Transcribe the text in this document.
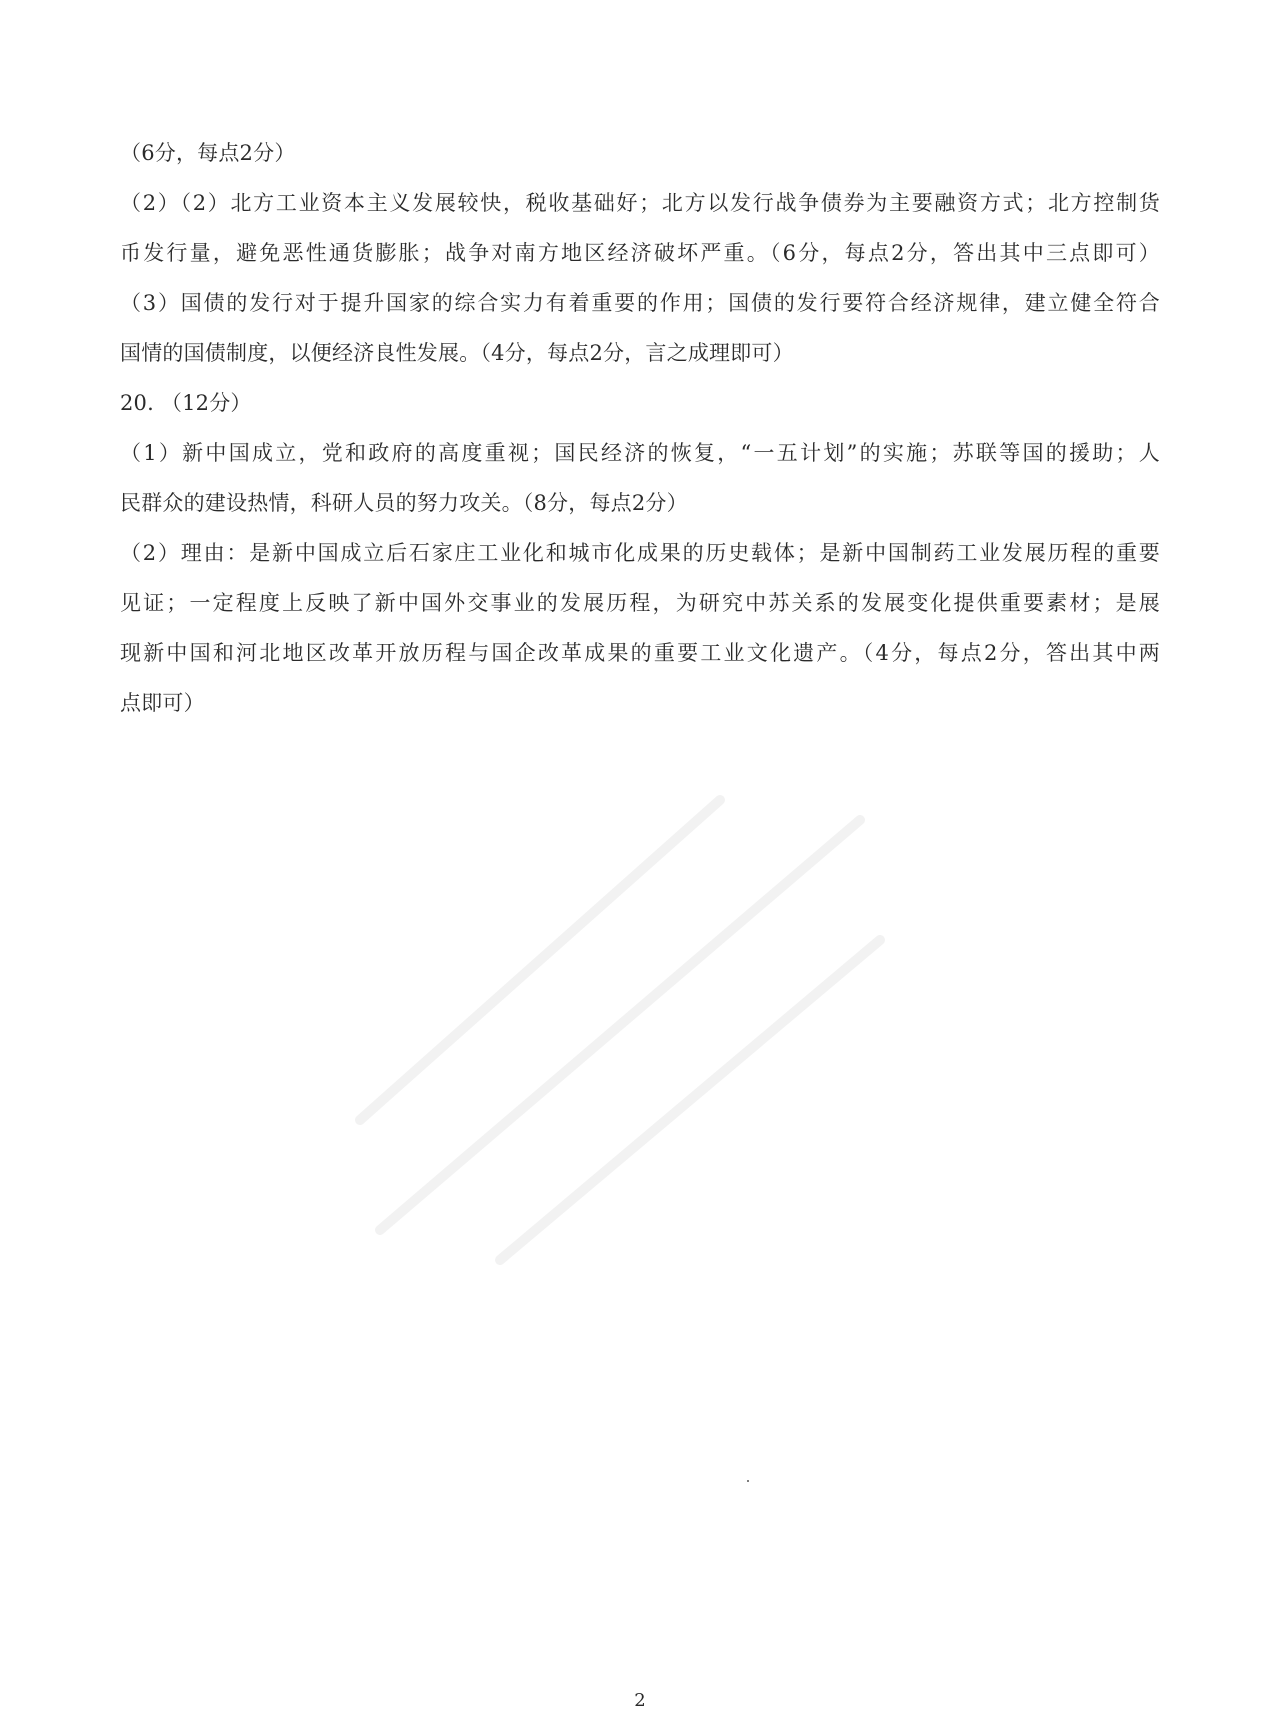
（6分，每点2分）
（2）（2）北方工业资本主义发展较快，税收基础好；北方以发行战争债券为主要融资方式；北方控制货
币发行量，避免恶性通货膨胀；战争对南方地区经济破坏严重。（6分，每点2分，答出其中三点即可）
（3）国债的发行对于提升国家的综合实力有着重要的作用；国债的发行要符合经济规律，建立健全符合
国情的国债制度，以便经济良性发展。（4分，每点2分，言之成理即可）
20. （12分）
（1）新中国成立，党和政府的高度重视；国民经济的恢复，“一五计划”的实施；苏联等国的援助；人
民群众的建设热情，科研人员的努力攻关。（8分，每点2分）
（2）理由：是新中国成立后石家庄工业化和城市化成果的历史载体；是新中国制药工业发展历程的重要
见证；一定程度上反映了新中国外交事业的发展历程，为研究中苏关系的发展变化提供重要素材；是展
现新中国和河北地区改革开放历程与国企改革成果的重要工业文化遗产。（4分，每点2分，答出其中两
点即可）
2
